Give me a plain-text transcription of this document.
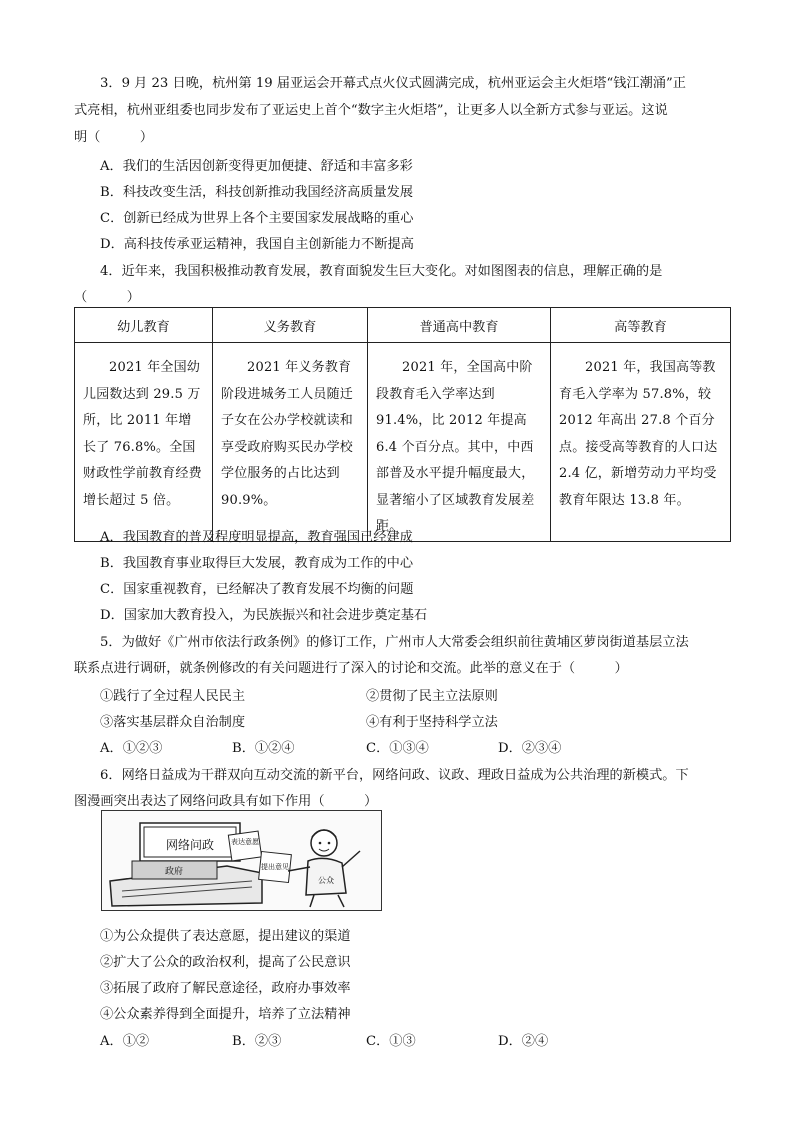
3．9 月 23 日晚，杭州第 19 届亚运会开幕式点火仪式圆满完成，杭州亚运会主火炬塔“钱江潮涌”正
式亮相，杭州亚组委也同步发布了亚运史上首个“数字主火炬塔”，让更多人以全新方式参与亚运。这说
明（　　　）
A．我们的生活因创新变得更加便捷、舒适和丰富多彩
B．科技改变生活，科技创新推动我国经济高质量发展
C．创新已经成为世界上各个主要国家发展战略的重心
D．高科技传承亚运精神，我国自主创新能力不断提高
4．近年来，我国积极推动教育发展，教育面貌发生巨大变化。对如图图表的信息，理解正确的是
（　　　）
幼儿教育	义务教育	普通高中教育	高等教育

2021 年全国幼儿园数达到 29.5 万所，比 2011 年增长了 76.8%。全国财政性学前教育经费增长超过 5 倍。	2021 年义务教育阶段进城务工人员随迁子女在公办学校就读和享受政府购买民办学校学位服务的占比达到 90.9%。	2021 年，全国高中阶段教育毛入学率达到 91.4%，比 2012 年提高 6.4 个百分点。其中，中西部普及水平提升幅度最大，显著缩小了区域教育发展差距。	2021 年，我国高等教育毛入学率为 57.8%，较 2012 年高出 27.8 个百分点。接受高等教育的人口达 2.4 亿，新增劳动力平均受教育年限达 13.8 年。
A．我国教育的普及程度明显提高，教育强国已经建成
B．我国教育事业取得巨大发展，教育成为工作的中心
C．国家重视教育，已经解决了教育发展不均衡的问题
D．国家加大教育投入，为民族振兴和社会进步奠定基石
5．为做好《广州市依法行政条例》的修订工作，广州市人大常委会组织前往黄埔区萝岗街道基层立法
联系点进行调研，就条例修改的有关问题进行了深入的讨论和交流。此举的意义在于（　　　）
①践行了全过程人民民主	②贯彻了民主立法原则
③落实基层群众自治制度	④有利于坚持科学立法
A．①②③	B．①②④	C．①③④	D．②③④
6．网络日益成为干群双向互动交流的新平台，网络问政、议政、理政日益成为公共治理的新模式。下
图漫画突出表达了网络问政具有如下作用（　　　）
网络问政
政府
表达意愿
提出意见
公众
①为公众提供了表达意愿，提出建议的渠道
②扩大了公众的政治权利，提高了公民意识
③拓展了政府了解民意途径，政府办事效率
④公众素养得到全面提升，培养了立法精神
A．①②	B．②③	C．①③	D．②④
